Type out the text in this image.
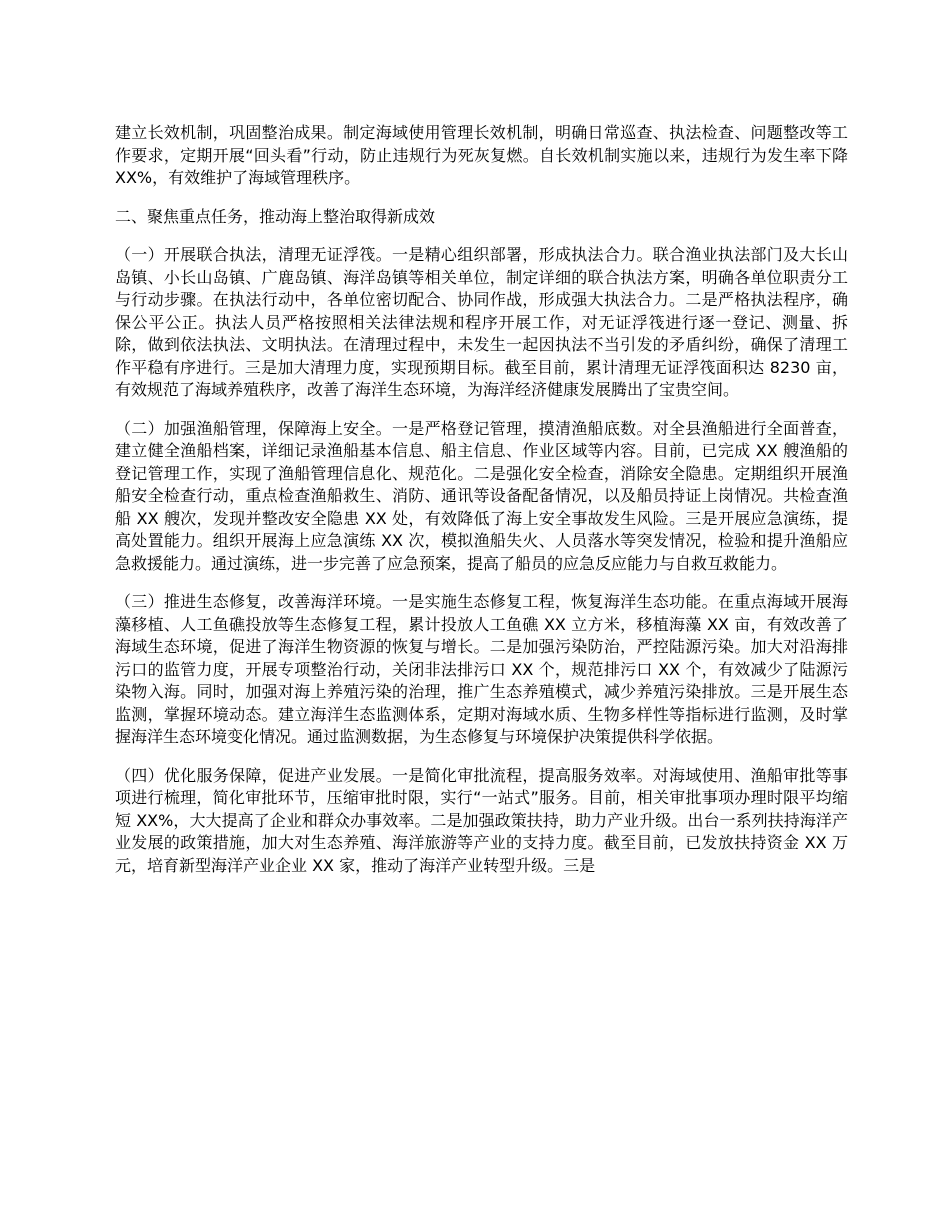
建立长效机制，巩固整治成果。制定海域使用管理长效机制，明确日常巡查、执法检查、问题整改等工作要求，定期开展“回头看”行动，防止违规行为死灰复燃。自长效机制实施以来，违规行为发生率下降 XX%，有效维护了海域管理秩序。

二、聚焦重点任务，推动海上整治取得新成效

（一）开展联合执法，清理无证浮筏。一是精心组织部署，形成执法合力。联合渔业执法部门及大长山岛镇、小长山岛镇、广鹿岛镇、海洋岛镇等相关单位，制定详细的联合执法方案，明确各单位职责分工与行动步骤。在执法行动中，各单位密切配合、协同作战，形成强大执法合力。二是严格执法程序，确保公平公正。执法人员严格按照相关法律法规和程序开展工作，对无证浮筏进行逐一登记、测量、拆除，做到依法执法、文明执法。在清理过程中，未发生一起因执法不当引发的矛盾纠纷，确保了清理工作平稳有序进行。三是加大清理力度，实现预期目标。截至目前，累计清理无证浮筏面积达 8230 亩，有效规范了海域养殖秩序，改善了海洋生态环境，为海洋经济健康发展腾出了宝贵空间。

（二）加强渔船管理，保障海上安全。一是严格登记管理，摸清渔船底数。对全县渔船进行全面普查，建立健全渔船档案，详细记录渔船基本信息、船主信息、作业区域等内容。目前，已完成 XX 艘渔船的登记管理工作，实现了渔船管理信息化、规范化。二是强化安全检查，消除安全隐患。定期组织开展渔船安全检查行动，重点检查渔船救生、消防、通讯等设备配备情况，以及船员持证上岗情况。共检查渔船 XX 艘次，发现并整改安全隐患 XX 处，有效降低了海上安全事故发生风险。三是开展应急演练，提高处置能力。组织开展海上应急演练 XX 次，模拟渔船失火、人员落水等突发情况，检验和提升渔船应急救援能力。通过演练，进一步完善了应急预案，提高了船员的应急反应能力与自救互救能力。

（三）推进生态修复，改善海洋环境。一是实施生态修复工程，恢复海洋生态功能。在重点海域开展海藻移植、人工鱼礁投放等生态修复工程，累计投放人工鱼礁 XX 立方米，移植海藻 XX 亩，有效改善了海域生态环境，促进了海洋生物资源的恢复与增长。二是加强污染防治，严控陆源污染。加大对沿海排污口的监管力度，开展专项整治行动，关闭非法排污口 XX 个，规范排污口 XX 个，有效减少了陆源污染物入海。同时，加强对海上养殖污染的治理，推广生态养殖模式，减少养殖污染排放。三是开展生态监测，掌握环境动态。建立海洋生态监测体系，定期对海域水质、生物多样性等指标进行监测，及时掌握海洋生态环境变化情况。通过监测数据，为生态修复与环境保护决策提供科学依据。

（四）优化服务保障，促进产业发展。一是简化审批流程，提高服务效率。对海域使用、渔船审批等事项进行梳理，简化审批环节，压缩审批时限，实行“一站式”服务。目前，相关审批事项办理时限平均缩短 XX%，大大提高了企业和群众办事效率。二是加强政策扶持，助力产业升级。出台一系列扶持海洋产业发展的政策措施，加大对生态养殖、海洋旅游等产业的支持力度。截至目前，已发放扶持资金 XX 万元，培育新型海洋产业企业 XX 家，推动了海洋产业转型升级。三是
